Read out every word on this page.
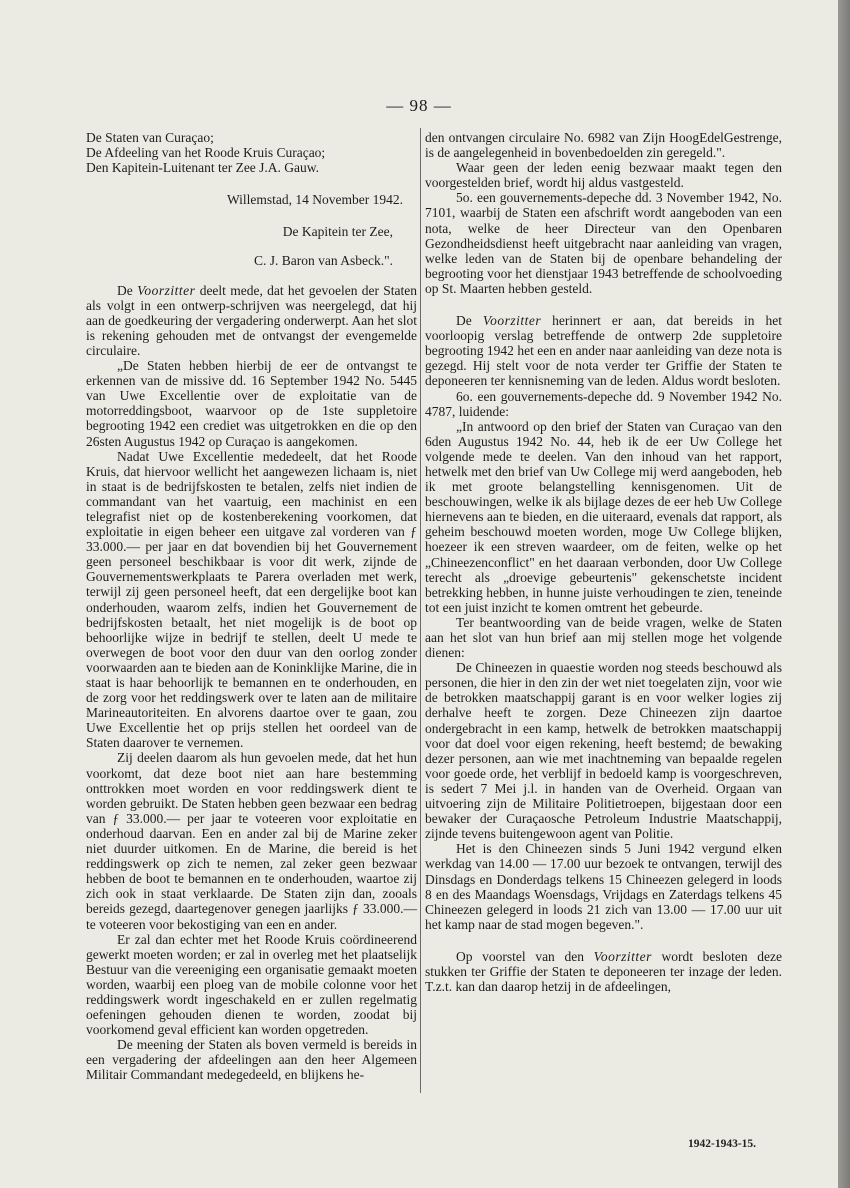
— 98 —
De Staten van Curaçao;
De Afdeeling van het Roode Kruis Curaçao;
Den Kapitein-Luitenant ter Zee J.A. Gauw.
Willemstad, 14 November 1942.
De Kapitein ter Zee,
C. J. Baron van Asbeck.".

De Voorzitter deelt mede, dat het gevoelen der Staten als volgt in een ontwerp-schrijven was neergelegd, dat hij aan de goedkeuring der vergadering onderwerpt. Aan het slot is rekening gehouden met de ontvangst der evengemelde circulaire.

„De Staten hebben hierbij de eer de ontvangst te erkennen van de missive dd. 16 September 1942 No. 5445 van Uwe Excellentie over de exploitatie van de motorreddingsboot, waarvoor op de 1ste suppletoire begrooting 1942 een crediet was uitgetrokken en die op den 26sten Augustus 1942 op Curaçao is aangekomen.

Nadat Uwe Excellentie mededeelt, dat het Roode Kruis, dat hiervoor wellicht het aangewezen lichaam is, niet in staat is de bedrijfskosten te betalen, zelfs niet indien de commandant van het vaartuig, een machinist en een telegrafist niet op de kostenberekening voorkomen, dat exploitatie in eigen beheer een uitgave zal vorderen van ƒ 33.000.— per jaar en dat bovendien bij het Gouvernement geen personeel beschikbaar is voor dit werk, zijnde de Gouvernementswerkplaats te Parera overladen met werk, terwijl zij geen personeel heeft, dat een dergelijke boot kan onderhouden, waarom zelfs, indien het Gouvernement de bedrijfskosten betaalt, het niet mogelijk is de boot op behoorlijke wijze in bedrijf te stellen, deelt U mede te overwegen de boot voor den duur van den oorlog zonder voorwaarden aan te bieden aan de Koninklijke Marine, die in staat is haar behoorlijk te bemannen en te onderhouden, en de zorg voor het reddingswerk over te laten aan de militaire Marineautoriteiten. En alvorens daartoe over te gaan, zou Uwe Excellentie het op prijs stellen het oordeel van de Staten daarover te vernemen.

Zij deelen daarom als hun gevoelen mede, dat het hun voorkomt, dat deze boot niet aan hare bestemming onttrokken moet worden en voor reddingswerk dient te worden gebruikt. De Staten hebben geen bezwaar een bedrag van ƒ 33.000.— per jaar te voteeren voor exploitatie en onderhoud daarvan. Een en ander zal bij de Marine zeker niet duurder uitkomen. En de Marine, die bereid is het reddingswerk op zich te nemen, zal zeker geen bezwaar hebben de boot te bemannen en te onderhouden, waartoe zij zich ook in staat verklaarde. De Staten zijn dan, zooals bereids gezegd, daartegenover genegen jaarlijks ƒ 33.000.— te voteeren voor bekostiging van een en ander.

Er zal dan echter met het Roode Kruis coördineerend gewerkt moeten worden; er zal in overleg met het plaatselijk Bestuur van die vereeniging een organisatie gemaakt moeten worden, waarbij een ploeg van de mobile colonne voor het reddingswerk wordt ingeschakeld en er zullen regelmatig oefeningen gehouden dienen te worden, zoodat bij voorkomend geval efficient kan worden opgetreden.

De meening der Staten als boven vermeld is bereids in een vergadering der afdeelingen aan den heer Algemeen Militair Commandant medegedeeld, en blijkens he-

den ontvangen circulaire No. 6982 van Zijn HoogEdelGestrenge, is de aangelegenheid in bovenbedoelden zin geregeld.".

Waar geen der leden eenig bezwaar maakt tegen den voorgestelden brief, wordt hij aldus vastgesteld.

5o. een gouvernements-depeche dd. 3 November 1942, No. 7101, waarbij de Staten een afschrift wordt aangeboden van een nota, welke de heer Directeur van den Openbaren Gezondheidsdienst heeft uitgebracht naar aanleiding van vragen, welke leden van de Staten bij de openbare behandeling der begrooting voor het dienstjaar 1943 betreffende de schoolvoeding op St. Maarten hebben gesteld.

De Voorzitter herinnert er aan, dat bereids in het voorloopig verslag betreffende de ontwerp 2de suppletoire begrooting 1942 het een en ander naar aanleiding van deze nota is gezegd. Hij stelt voor de nota verder ter Griffie der Staten te deponeeren ter kennisneming van de leden. Aldus wordt besloten.

6o. een gouvernements-depeche dd. 9 November 1942 No. 4787, luidende:

„In antwoord op den brief der Staten van Curaçao van den 6den Augustus 1942 No. 44, heb ik de eer Uw College het volgende mede te deelen. Van den inhoud van het rapport, hetwelk met den brief van Uw College mij werd aangeboden, heb ik met groote belangstelling kennisgenomen. Uit de beschouwingen, welke ik als bijlage dezes de eer heb Uw College hiernevens aan te bieden, en die uiteraard, evenals dat rapport, als geheim beschouwd moeten worden, moge Uw College blijken, hoezeer ik een streven waardeer, om de feiten, welke op het „Chineezenconflict" en het daaraan verbonden, door Uw College terecht als „droevige gebeurtenis" gekenschetste incident betrekking hebben, in hunne juiste verhoudingen te zien, teneinde tot een juist inzicht te komen omtrent het gebeurde.

Ter beantwoording van de beide vragen, welke de Staten aan het slot van hun brief aan mij stellen moge het volgende dienen:

De Chineezen in quaestie worden nog steeds beschouwd als personen, die hier in den zin der wet niet toegelaten zijn, voor wie de betrokken maatschappij garant is en voor welker logies zij derhalve heeft te zorgen. Deze Chineezen zijn daartoe ondergebracht in een kamp, hetwelk de betrokken maatschappij voor dat doel voor eigen rekening, heeft bestemd; de bewaking dezer personen, aan wie met inachtneming van bepaalde regelen voor goede orde, het verblijf in bedoeld kamp is voorgeschreven, is sedert 7 Mei j.l. in handen van de Overheid. Orgaan van uitvoering zijn de Militaire Politietroepen, bijgestaan door een bewaker der Curaçaosche Petroleum Industrie Maatschappij, zijnde tevens buitengewoon agent van Politie.

Het is den Chineezen sinds 5 Juni 1942 vergund elken werkdag van 14.00 — 17.00 uur bezoek te ontvangen, terwijl des Dinsdags en Donderdags telkens 15 Chineezen gelegerd in loods 8 en des Maandags Woensdags, Vrijdags en Zaterdags telkens 45 Chineezen gelegerd in loods 21 zich van 13.00 — 17.00 uur uit het kamp naar de stad mogen begeven.".

Op voorstel van den Voorzitter wordt besloten deze stukken ter Griffie der Staten te deponeeren ter inzage der leden. T.z.t. kan dan daarop hetzij in de afdeelingen,

1942-1943-15.
